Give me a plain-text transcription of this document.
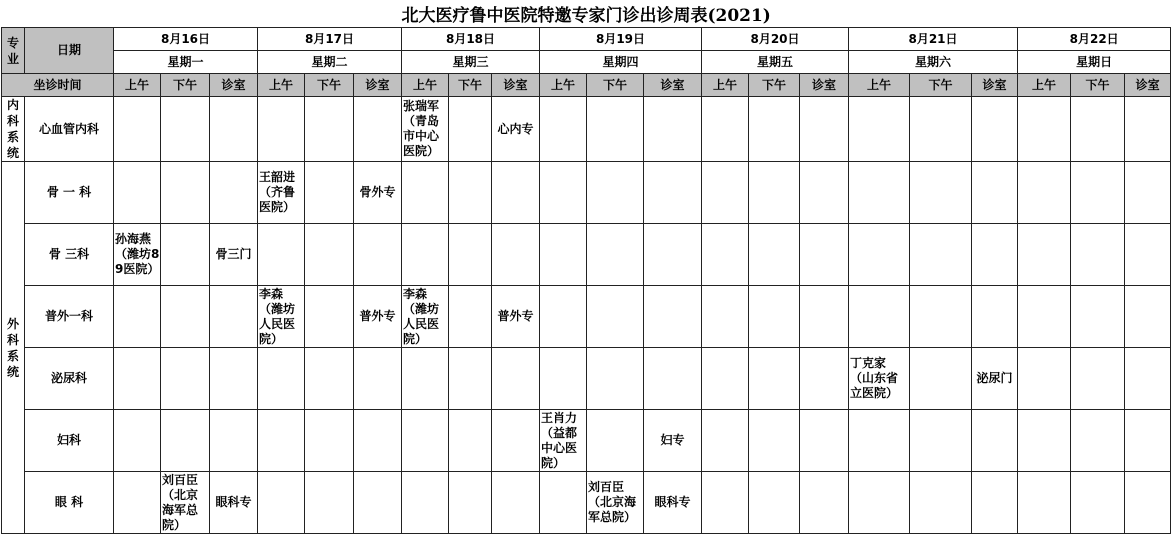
北大医疗鲁中医院特邀专家门诊出诊周表(2021)																						
专业	日期	8月16日			8月17日			8月18日			8月19日			8月20日			8月21日			8月22日		
		星期一			星期二			星期三			星期四			星期五			星期六			星期日		
坐诊时间		上午	下午	诊室	上午	下午	诊室	上午	下午	诊室	上午	下午	诊室	上午	下午	诊室	上午	下午	诊室	上午	下午	诊室
内科系统	心血管内科							张瑞军（青岛市中心医院）		心内专												
外科系统	骨 一 科				王韶进（齐鲁医院）		骨外专															
	骨 三科	孙海燕（潍坊89医院）		骨三门																		
	普外一科				李森（潍坊人民医院）		普外专	李森（潍坊人民医院）		普外专												
	泌尿科																丁克家（山东省立医院）		泌尿门			
	妇科										王肖力（益都中心医院）		妇专									
	眼 科		刘百臣（北京海军总院）	眼科专								刘百臣（北京海军总院）	眼科专									
